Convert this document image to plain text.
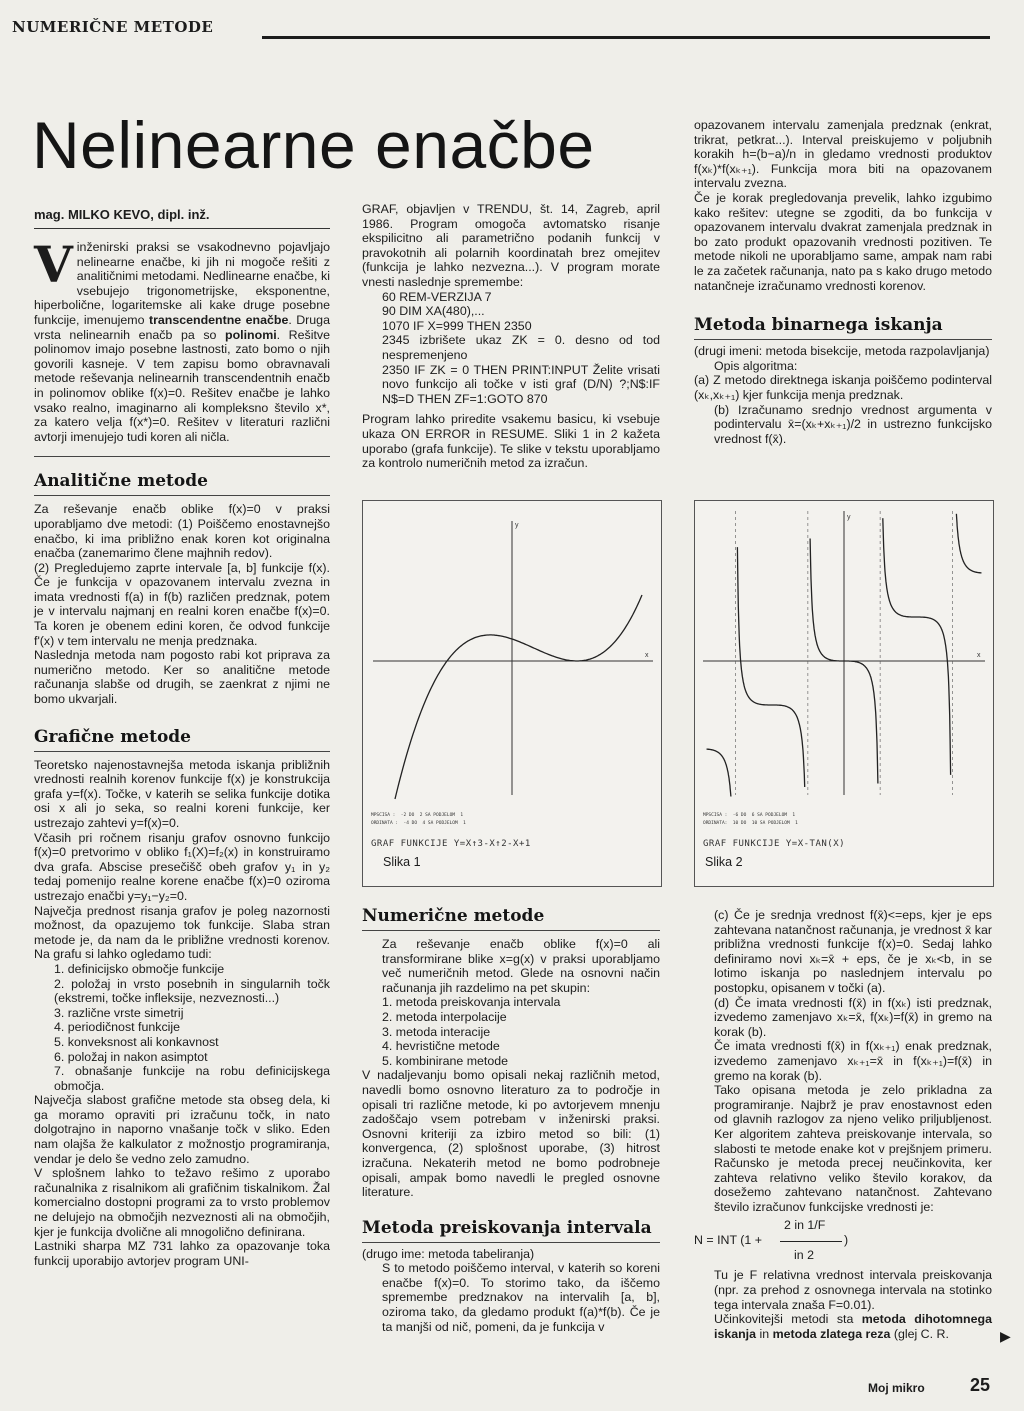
NUMERIČNE METODE
Nelinearne enačbe
mag. MILKO KEVO, dipl. inž.

V inženirski praksi se vsakodnevno pojavljajo nelinearne enačbe, ki jih ni mogoče rešiti z analitičnimi metodami. Nedlinearne enačbe, ki vsebujejo trigonometrijske, eksponentne, hiperbolične, logaritemske ali kake druge posebne funkcije, imenujemo transcendentne enačbe. Druga vrsta nelinearnih enačb pa so polinomi. Rešitve polinomov imajo posebne lastnosti, zato bomo o njih govorili kasneje. V tem zapisu bomo obravnavali metode reševanja nelinearnih transcendentnih enačb in polinomov oblike f(x)=0. Rešitev enačbe je lahko vsako realno, imaginarno ali kompleksno število x*, za katero velja f(x*)=0. Rešitev v literaturi različni avtorji imenujejo tudi koren ali ničla.

Analitične metode

Za reševanje enačb oblike f(x)=0 v praksi uporabljamo dve metodi: (1) Poiščemo enostavnejšo enačbo, ki ima približno enak koren kot originalna enačba (zanemarimo člene majhnih redov).

(2) Pregledujemo zaprte intervale [a, b] funkcije f(x). Če je funkcija v opazovanem intervalu zvezna in imata vrednosti f(a) in f(b) različen predznak, potem je v intervalu najmanj en realni koren enačbe f(x)=0. Ta koren je obenem edini koren, če odvod funkcije f'(x) v tem intervalu ne menja predznaka.

Naslednja metoda nam pogosto rabi kot priprava za numerično metodo. Ker so analitične metode računanja slabše od drugih, se zaenkrat z njimi ne bomo ukvarjali.

Grafične metode

Teoretsko najenostavnejša metoda iskanja približnih vrednosti realnih korenov funkcije f(x) je konstrukcija grafa y=f(x). Točke, v katerih se selika funkcije dotika osi x ali jo seka, so realni koreni funkcije, ker ustrezajo zahtevi y=f(x)=0.

Včasih pri ročnem risanju grafov osnovno funkcijo f(x)=0 pretvorimo v obliko f₁(X)=f₂(x) in konstruiramo dva grafa. Abscise presečišč obeh grafov y₁ in y₂ tedaj pomenijo realne korene enačbe f(x)=0 oziroma ustrezajo enačbi y=y₁−y₂=0.

Največja prednost risanja grafov je poleg nazornosti možnost, da opazujemo tok funkcije. Slaba stran metode je, da nam da le približne vrednosti korenov. Na grafu si lahko ogledamo tudi:

1. definicijsko območje funkcije

2. položaj in vrsto posebnih in singularnih točk (ekstremi, točke infleksije, nezveznosti...)

3. različne vrste simetrij

4. periodičnost funkcije

5. konveksnost ali konkavnost

6. položaj in nakon asimptot

7. obnašanje funkcije na robu definicijskega območja.

Največja slabost grafične metode sta obseg dela, ki ga moramo opraviti pri izračunu točk, in nato dolgotrajno in naporno vnašanje točk v sliko. Eden nam olajša že kalkulator z možnostjo programiranja, vendar je delo še vedno zelo zamudno.

V splošnem lahko to težavo rešimo z uporabo računalnika z risalnikom ali grafičnim tiskalnikom. Žal komercialno dostopni programi za to vrsto problemov ne delujejo na območjih nezveznosti ali na območjih, kjer je funkcija dvolične ali mnogolično definirana.

Lastniki sharpa MZ 731 lahko za opazovanje toka funkcij uporabijo avtorjev program UNI-

GRAF, objavljen v TRENDU, št. 14, Zagreb, april 1986. Program omogoča avtomatsko risanje ekspilicitno ali parametrično podanih funkcij v pravokotnih ali polarnih koordinatah brez omejitev (funkcija je lahko nezvezna...). V program morate vnesti naslednje spremembe:

60 REM-VERZIJA 7

90 DIM XA(480),...

1070 IF X=999 THEN 2350

2345 izbrišete ukaz ZK = 0. desno od tod nespremenjeno

2350 IF ZK = 0 THEN PRINT:INPUT Želite vrisati novo funkcijo ali točke v isti graf (D/N) ?;N$:IF N$=D THEN ZF=1:GOTO 870

Program lahko priredite vsakemu basicu, ki vsebuje ukaza ON ERROR in RESUME. Sliki 1 in 2 kažeta uporabo (grafa funkcije). Te slike v tekstu uporabljamo za kontrolo numeričnih metod za izračun.

opazovanem intervalu zamenjala predznak (enkrat, trikrat, petkrat...). Interval preiskujemo v poljubnih korakih h=(b−a)/n in gledamo vrednosti produktov f(xₖ)*f(xₖ₊₁). Funkcija mora biti na opazovanem intervalu zvezna.

Če je korak pregledovanja prevelik, lahko izgubimo kako rešitev: utegne se zgoditi, da bo funkcija v opazovanem intervalu dvakrat zamenjala predznak in bo zato produkt opazovanih vrednosti pozitiven. Te metode nikoli ne uporabljamo same, ampak nam rabi le za začetek računanja, nato pa s kako drugo metodo natančneje izračunamo vrednosti korenov.

Metoda binarnega iskanja

(drugi imeni: metoda bisekcije, metoda razpolavljanja)

Opis algoritma:

(a) Z metodo direktnega iskanja poiščemo podinterval (xₖ,xₖ₊₁) kjer funkcija menja predznak.

(b) Izračunamo srednjo vrednost argumenta v podintervalu x̄=(xₖ+xₖ₊₁)/2 in ustrezno funkcijsko vrednost f(x̄).

x
y
MPSCISA :  -2 DO  2 SA PODJELOM  1
ORDINATA :  -4 DO  4 SA PODJELOM  1
GRAF FUNKCIJE Y=X↑3-X↑2-X+1
Slika 1
x
y
MPSCISA :  -6 DO  6 SA PODJELOM  1
ORDINATA:  10 DO  10 SA PODJELOM  1
GRAF FUNKCIJE Y=X-TAN(X)
Slika 2
Numerične metode

Za reševanje enačb oblike f(x)=0 ali transformirane blike x=g(x) v praksi uporabljamo več numeričnih metod. Glede na osnovni način računanja jih razdelimo na pet skupin:

1. metoda preiskovanja intervala

2. metoda interpolacije

3. metoda interacije

4. hevristične metode

5. kombinirane metode

V nadaljevanju bomo opisali nekaj različnih metod, navedli bomo osnovno literaturo za to področje in opisali tri različne metode, ki po avtorjevem mnenju zadoščajo vsem potrebam v inženirski praksi. Osnovni kriteriji za izbiro metod so bili: (1) konvergenca, (2) splošnost uporabe, (3) hitrost izračuna. Nekaterih metod ne bomo podrobneje opisali, ampak bomo navedli le pregled osnovne literature.

Metoda preiskovanja intervala

(drugo ime: metoda tabeliranja)

S to metodo poiščemo interval, v katerih so koreni enačbe f(x)=0. To storimo tako, da iščemo spremembe predznakov na intervalih [a, b], oziroma tako, da gledamo produkt f(a)*f(b). Če je ta manjši od nič, pomeni, da je funkcija v

(c) Če je srednja vrednost f(x̄)<=eps, kjer je eps zahtevana natančnost računanja, je vrednost x̄ kar približna vrednosti funkcije f(x)=0. Sedaj lahko definiramo novi xₖ=x̄ + eps, če je xₖ<b, in se lotimo iskanja po naslednjem intervalu po postopku, opisanem v točki (a).

(d) Če imata vrednosti f(x̄) in f(xₖ) isti predznak, izvedemo zamenjavo xₖ=x̄, f(xₖ)=f(x̄) in gremo na korak (b).

Če imata vrednosti f(x̄) in f(xₖ₊₁) enak predznak, izvedemo zamenjavo xₖ₊₁=x̄ in f(xₖ₊₁)=f(x̄) in gremo na korak (b).

Tako opisana metoda je zelo prikladna za programiranje. Najbrž je prav enostavnost eden od glavnih razlogov za njeno veliko priljubljenost. Ker algoritem zahteva preiskovanje intervala, so slabosti te metode enake kot v prejšnjem primeru. Računsko je metoda precej neučinkovita, ker zahteva relativno veliko število korakov, da dosežemo zahtevano natančnost. Zahtevano število izračunov funkcijske vrednosti je:

2 in 1/F
N = INT (1 +	)
in 2

Tu je F relativna vrednost intervala preiskovanja (npr. za prehod z osnovnega intervala na stotinko tega intervala znaša F=0.01).

Učinkovitejši metodi sta metoda dihotomnega iskanja in metoda zlatega reza (glej C. R.	▶
Moj mikro	25
